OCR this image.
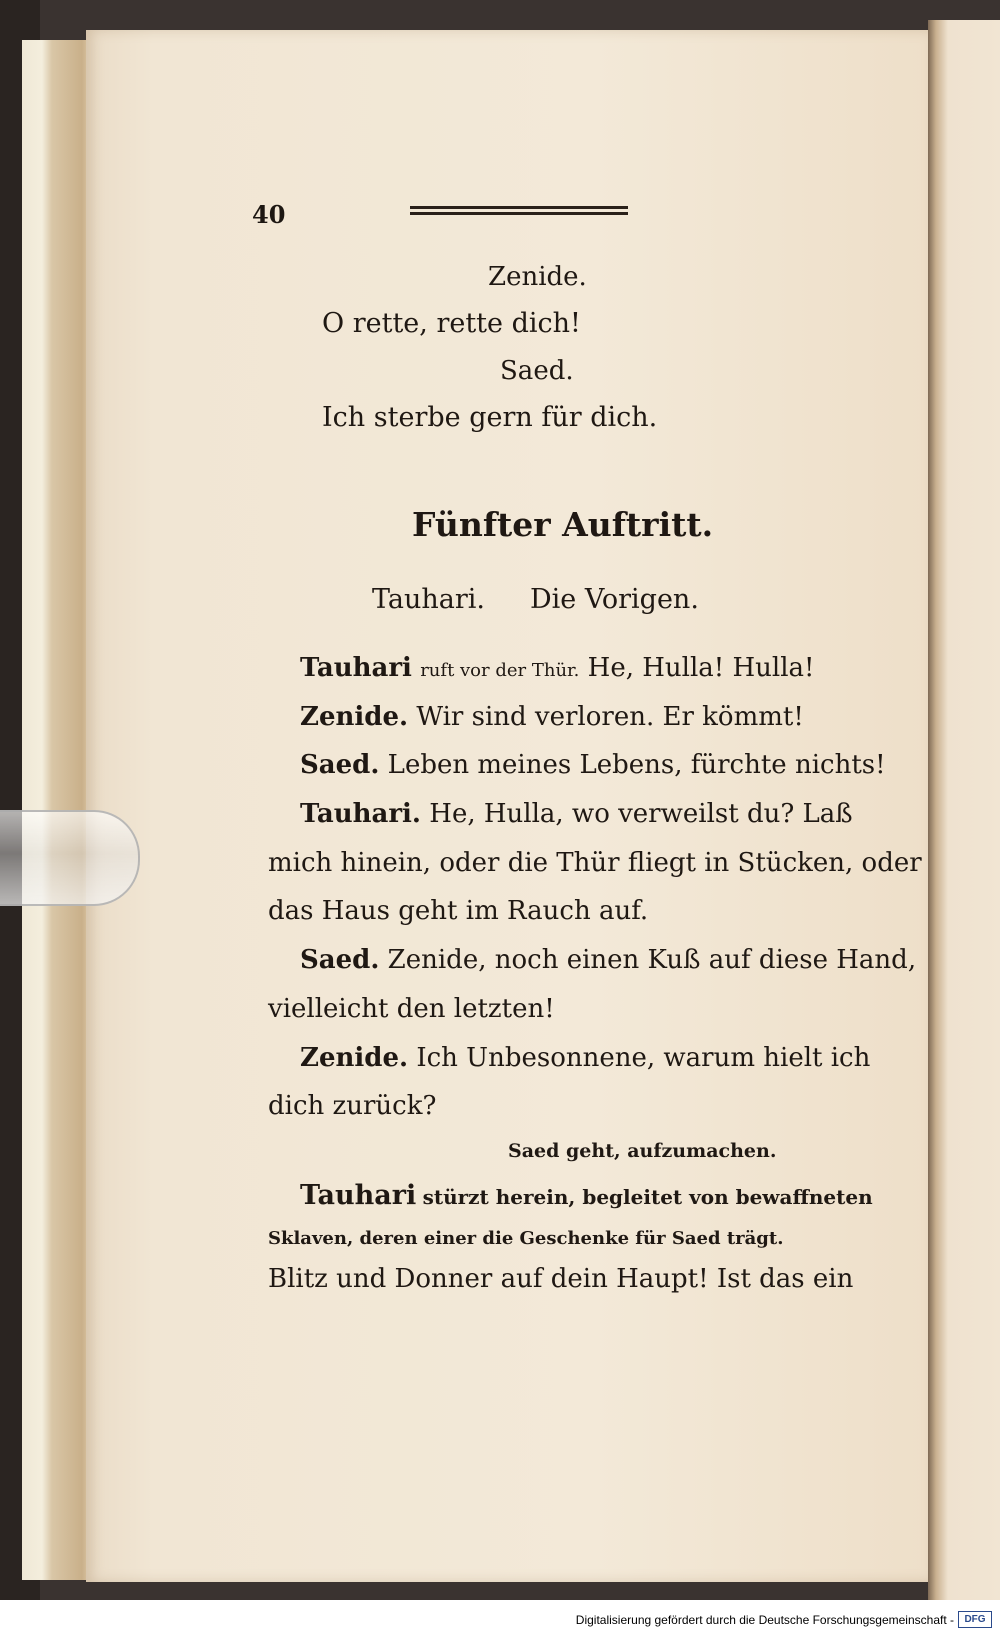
40
Zenide.
O rette, rette dich!
Saed.
Ich sterbe gern für dich.
Fünfter Auftritt.
Tauhari. Die Vorigen.
Tauhari ruft vor der Thür. He, Hulla! Hulla!
Zenide. Wir sind verloren. Er kömmt!
Saed. Leben meines Lebens, fürchte nichts!
Tauhari. He, Hulla, wo verweilst du? Laß
mich hinein, oder die Thür fliegt in Stücken, oder
das Haus geht im Rauch auf.
Saed. Zenide, noch einen Kuß auf diese Hand,
vielleicht den letzten!
Zenide. Ich Unbesonnene, warum hielt ich
dich zurück?
Saed geht, aufzumachen.
Tauhari stürzt herein, begleitet von bewaffneten
Sklaven, deren einer die Geschenke für Saed trägt.
Blitz und Donner auf dein Haupt! Ist das ein
Digitalisierung gefördert durch die Deutsche Forschungsgemeinschaft -	DFG
